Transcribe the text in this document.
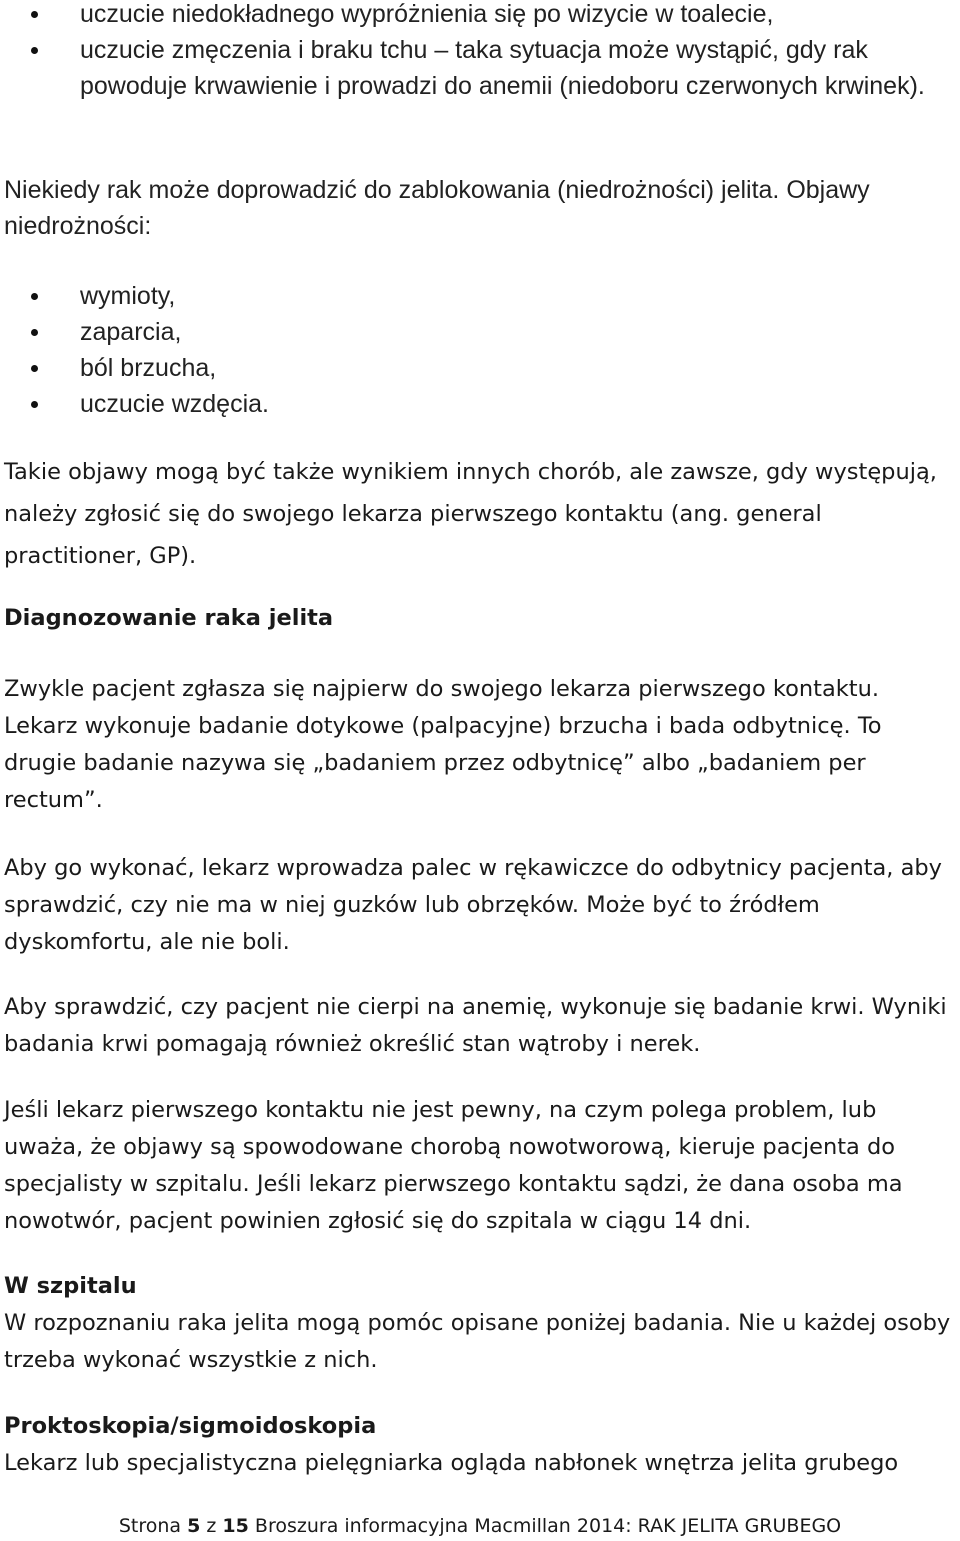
uczucie niedokładnego wypróżnienia się po wizycie w toalecie,
uczucie zmęczenia i braku tchu – taka sytuacja może wystąpić, gdy rak powoduje krwawienie i prowadzi do anemii (niedoboru czerwonych krwinek).

Niekiedy rak może doprowadzić do zablokowania (niedrożności) jelita. Objawy niedrożności:

wymioty,
zaparcia,
ból brzucha,
uczucie wzdęcia.

Takie objawy mogą być także wynikiem innych chorób, ale zawsze, gdy występują, należy zgłosić się do swojego lekarza pierwszego kontaktu (ang. general practitioner, GP).

Diagnozowanie raka jelita

Zwykle pacjent zgłasza się najpierw do swojego lekarza pierwszego kontaktu. Lekarz wykonuje badanie dotykowe (palpacyjne) brzucha i bada odbytnicę. To drugie badanie nazywa się „badaniem przez odbytnicę” albo „badaniem per rectum”.

Aby go wykonać, lekarz wprowadza palec w rękawiczce do odbytnicy pacjenta, aby sprawdzić, czy nie ma w niej guzków lub obrzęków. Może być to źródłem dyskomfortu, ale nie boli.

Aby sprawdzić, czy pacjent nie cierpi na anemię, wykonuje się badanie krwi. Wyniki badania krwi pomagają również określić stan wątroby i nerek.

Jeśli lekarz pierwszego kontaktu nie jest pewny, na czym polega problem, lub uważa, że objawy są spowodowane chorobą nowotworową, kieruje pacjenta do specjalisty w szpitalu. Jeśli lekarz pierwszego kontaktu sądzi, że dana osoba ma nowotwór, pacjent powinien zgłosić się do szpitala w ciągu 14 dni.

W szpitalu

W rozpoznaniu raka jelita mogą pomóc opisane poniżej badania. Nie u każdej osoby trzeba wykonać wszystkie z nich.

Proktoskopia/sigmoidoskopia

Lekarz lub specjalistyczna pielęgniarka ogląda nabłonek wnętrza jelita grubego

Strona 5 z 15 Broszura informacyjna Macmillan 2014: RAK JELITA GRUBEGO
